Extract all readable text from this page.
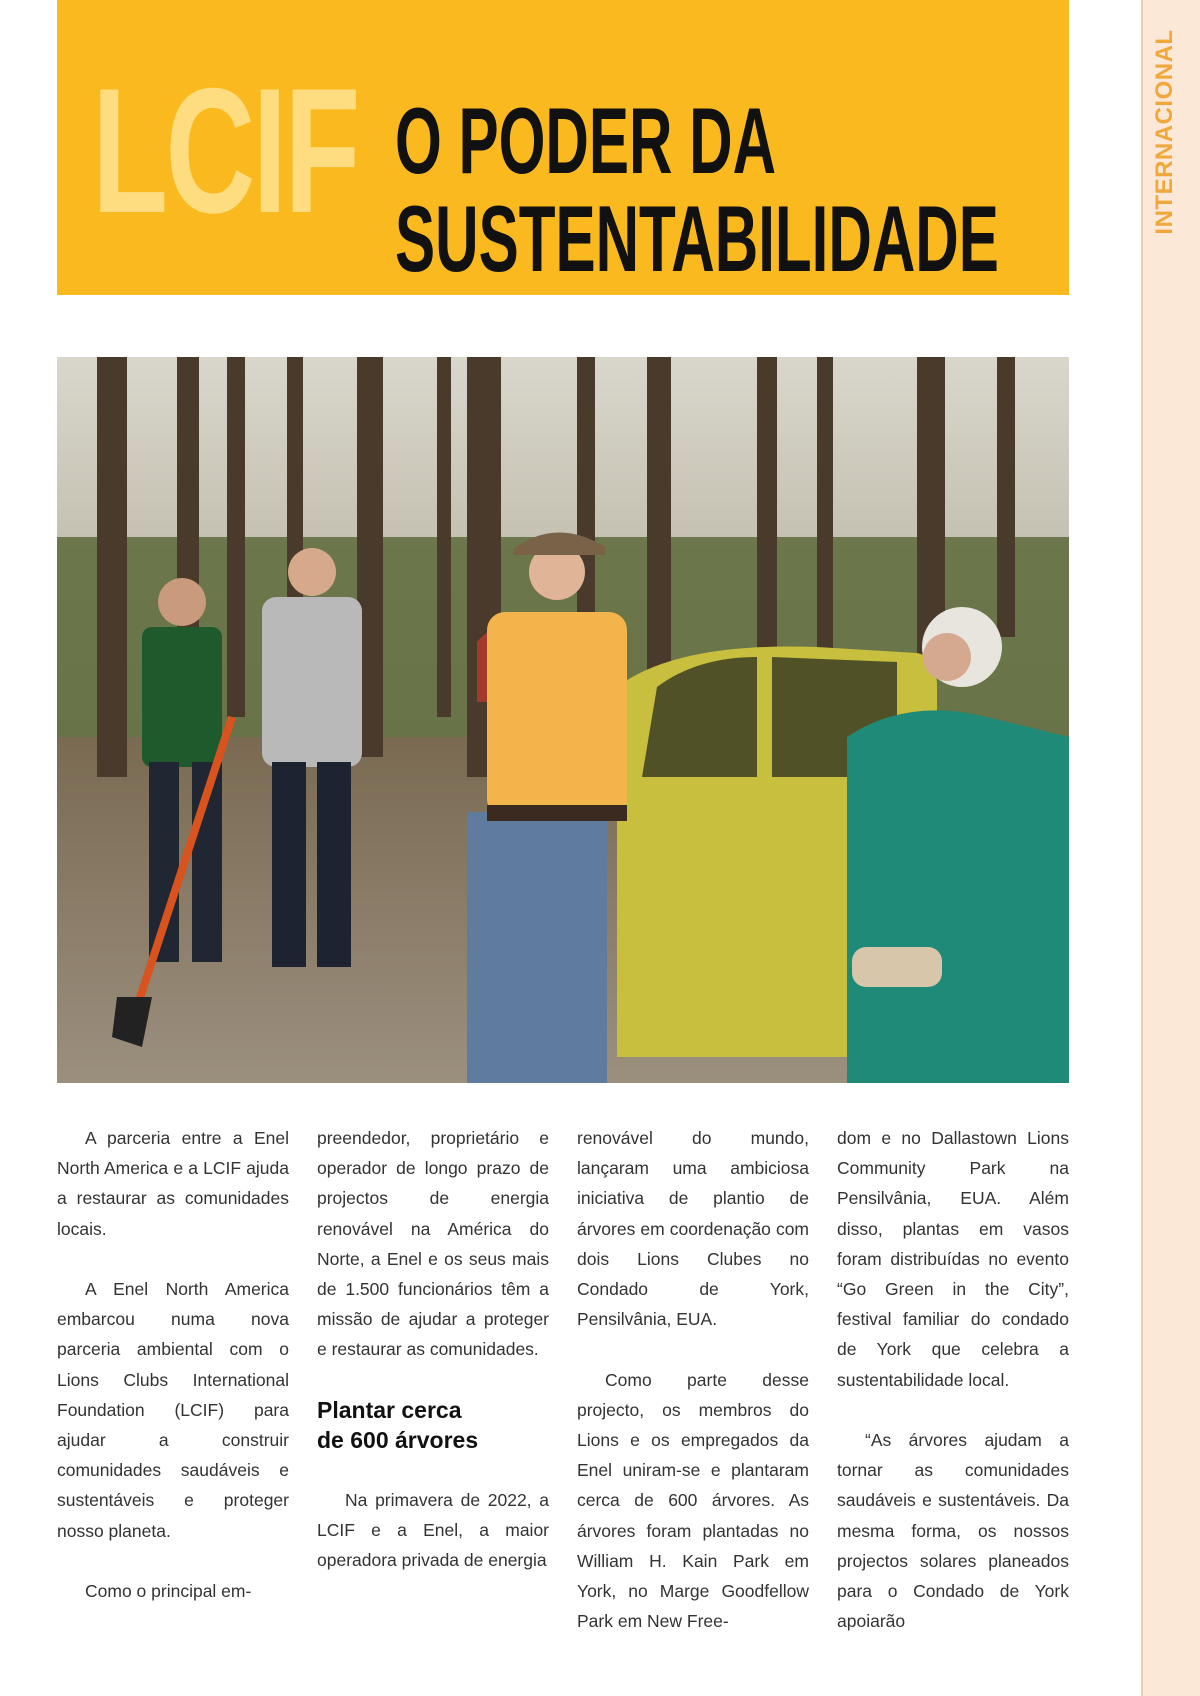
INTERNACIONAL
LCIF O PODER DA
SUSTENTABILIDADE

A parceria entre a Enel North America e a LCIF ajuda a restaurar as comunidades locais.

A Enel North America embarcou numa nova parceria ambiental com o Lions Clubs International Foundation (LCIF) para ajudar a construir comunidades saudáveis e sustentáveis e proteger nosso planeta.

Como o principal em-

preendedor, proprietário e operador de longo prazo de projectos de energia renovável na América do Norte, a Enel e os seus mais de 1.500 funcionários têm a missão de ajudar a proteger e restaurar as comunidades.

Plantar cerca
de 600 árvores

Na primavera de 2022, a LCIF e a Enel, a maior operadora privada de energia

renovável do mundo, lançaram uma ambiciosa iniciativa de plantio de árvores em coordenação com dois Lions Clubes no Condado de York, Pensilvânia, EUA.

Como parte desse projecto, os membros do Lions e os empregados da Enel uniram-se e plantaram cerca de 600 árvores. As árvores foram plantadas no William H. Kain Park em York, no Marge Goodfellow Park em New Free-

dom e no Dallastown Lions Community Park na Pensilvânia, EUA. Além disso, plantas em vasos foram distribuídas no evento “Go Green in the City”, festival familiar do condado de York que celebra a sustentabilidade local.

“As árvores ajudam a tornar as comunidades saudáveis e sustentáveis. Da mesma forma, os nossos projectos solares planeados para o Condado de York apoiarão
